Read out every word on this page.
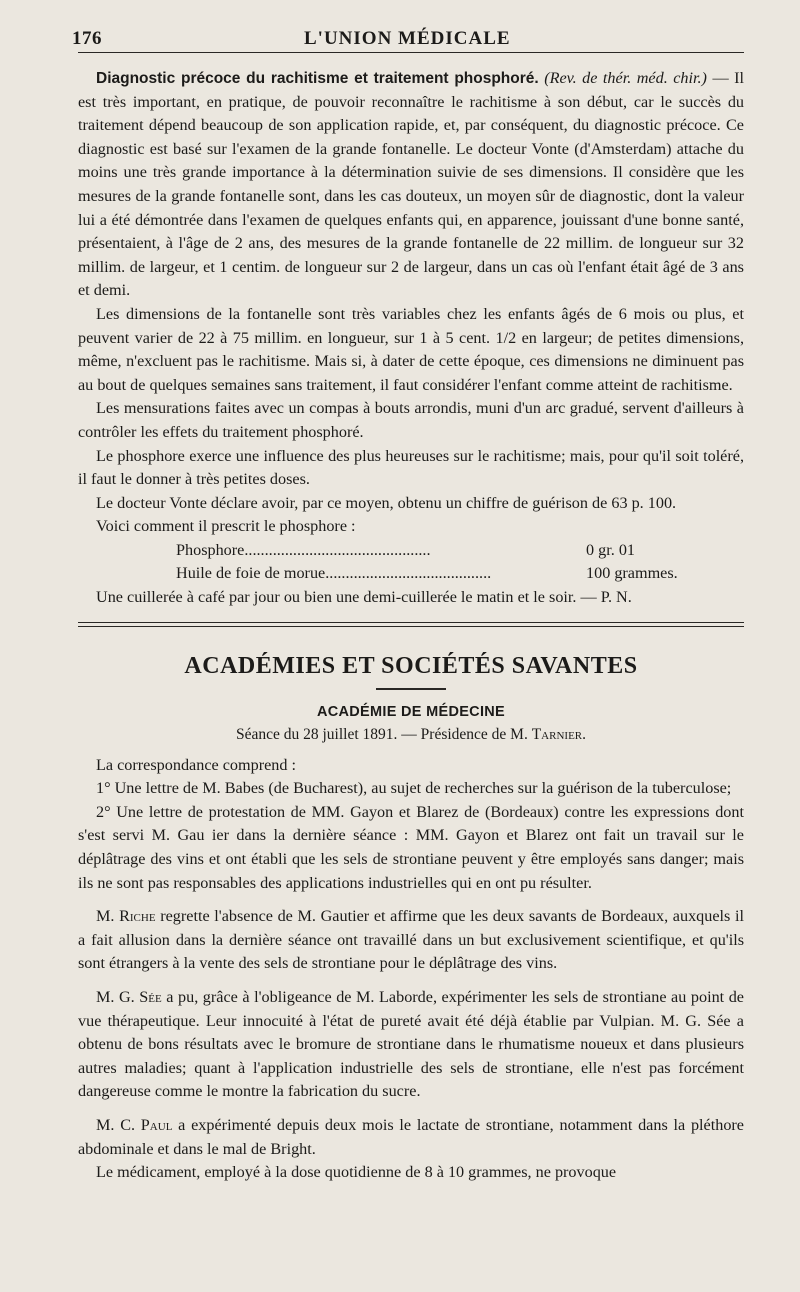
176	L'UNION MÉDICALE

Diagnostic précoce du rachitisme et traitement phosphoré. (Rev. de thér. méd. chir.) — Il est très important, en pratique, de pouvoir reconnaître le rachitisme à son début, car le succès du traitement dépend beaucoup de son application rapide, et, par conséquent, du diagnostic précoce. Ce diagnostic est basé sur l'examen de la grande fontanelle. Le docteur Vonte (d'Amsterdam) attache du moins une très grande importance à la détermination suivie de ses dimensions. Il considère que les mesures de la grande fontanelle sont, dans les cas douteux, un moyen sûr de diagnostic, dont la valeur lui a été démontrée dans l'examen de quelques enfants qui, en apparence, jouissant d'une bonne santé, présentaient, à l'âge de 2 ans, des mesures de la grande fontanelle de 22 millim. de longueur sur 32 millim. de largeur, et 1 centim. de longueur sur 2 de largeur, dans un cas où l'enfant était âgé de 3 ans et demi.

Les dimensions de la fontanelle sont très variables chez les enfants âgés de 6 mois ou plus, et peuvent varier de 22 à 75 millim. en longueur, sur 1 à 5 cent. 1/2 en largeur; de petites dimensions, même, n'excluent pas le rachitisme. Mais si, à dater de cette époque, ces dimensions ne diminuent pas au bout de quelques semaines sans traitement, il faut considérer l'enfant comme atteint de rachitisme.

Les mensurations faites avec un compas à bouts arrondis, muni d'un arc gradué, servent d'ailleurs à contrôler les effets du traitement phosphoré.

Le phosphore exerce une influence des plus heureuses sur le rachitisme; mais, pour qu'il soit toléré, il faut le donner à très petites doses.

Le docteur Vonte déclare avoir, par ce moyen, obtenu un chiffre de guérison de 63 p. 100.

Voici comment il prescrit le phosphore :

Phosphore..............................................	0 gr. 01
Huile de foie de morue.........................................	100 grammes.

Une cuillerée à café par jour ou bien une demi-cuillerée le matin et le soir. — P. N.

ACADÉMIES ET SOCIÉTÉS SAVANTES
ACADÉMIE DE MÉDECINE
Séance du 28 juillet 1891. — Présidence de M. Tarnier.

La correspondance comprend :

1° Une lettre de M. Babes (de Bucharest), au sujet de recherches sur la guérison de la tuberculose;

2° Une lettre de protestation de MM. Gayon et Blarez de (Bordeaux) contre les expressions dont s'est servi M. Gau ier dans la dernière séance : MM. Gayon et Blarez ont fait un travail sur le déplâtrage des vins et ont établi que les sels de strontiane peuvent y être employés sans danger; mais ils ne sont pas responsables des applications industrielles qui en ont pu résulter.

M. Riche regrette l'absence de M. Gautier et affirme que les deux savants de Bordeaux, auxquels il a fait allusion dans la dernière séance ont travaillé dans un but exclusivement scientifique, et qu'ils sont étrangers à la vente des sels de strontiane pour le déplâtrage des vins.

M. G. Sée a pu, grâce à l'obligeance de M. Laborde, expérimenter les sels de strontiane au point de vue thérapeutique. Leur innocuité à l'état de pureté avait été déjà établie par Vulpian. M. G. Sée a obtenu de bons résultats avec le bromure de strontiane dans le rhumatisme noueux et dans plusieurs autres maladies; quant à l'application industrielle des sels de strontiane, elle n'est pas forcément dangereuse comme le montre la fabrication du sucre.

M. C. Paul a expérimenté depuis deux mois le lactate de strontiane, notamment dans la pléthore abdominale et dans le mal de Bright.

Le médicament, employé à la dose quotidienne de 8 à 10 grammes, ne provoque
